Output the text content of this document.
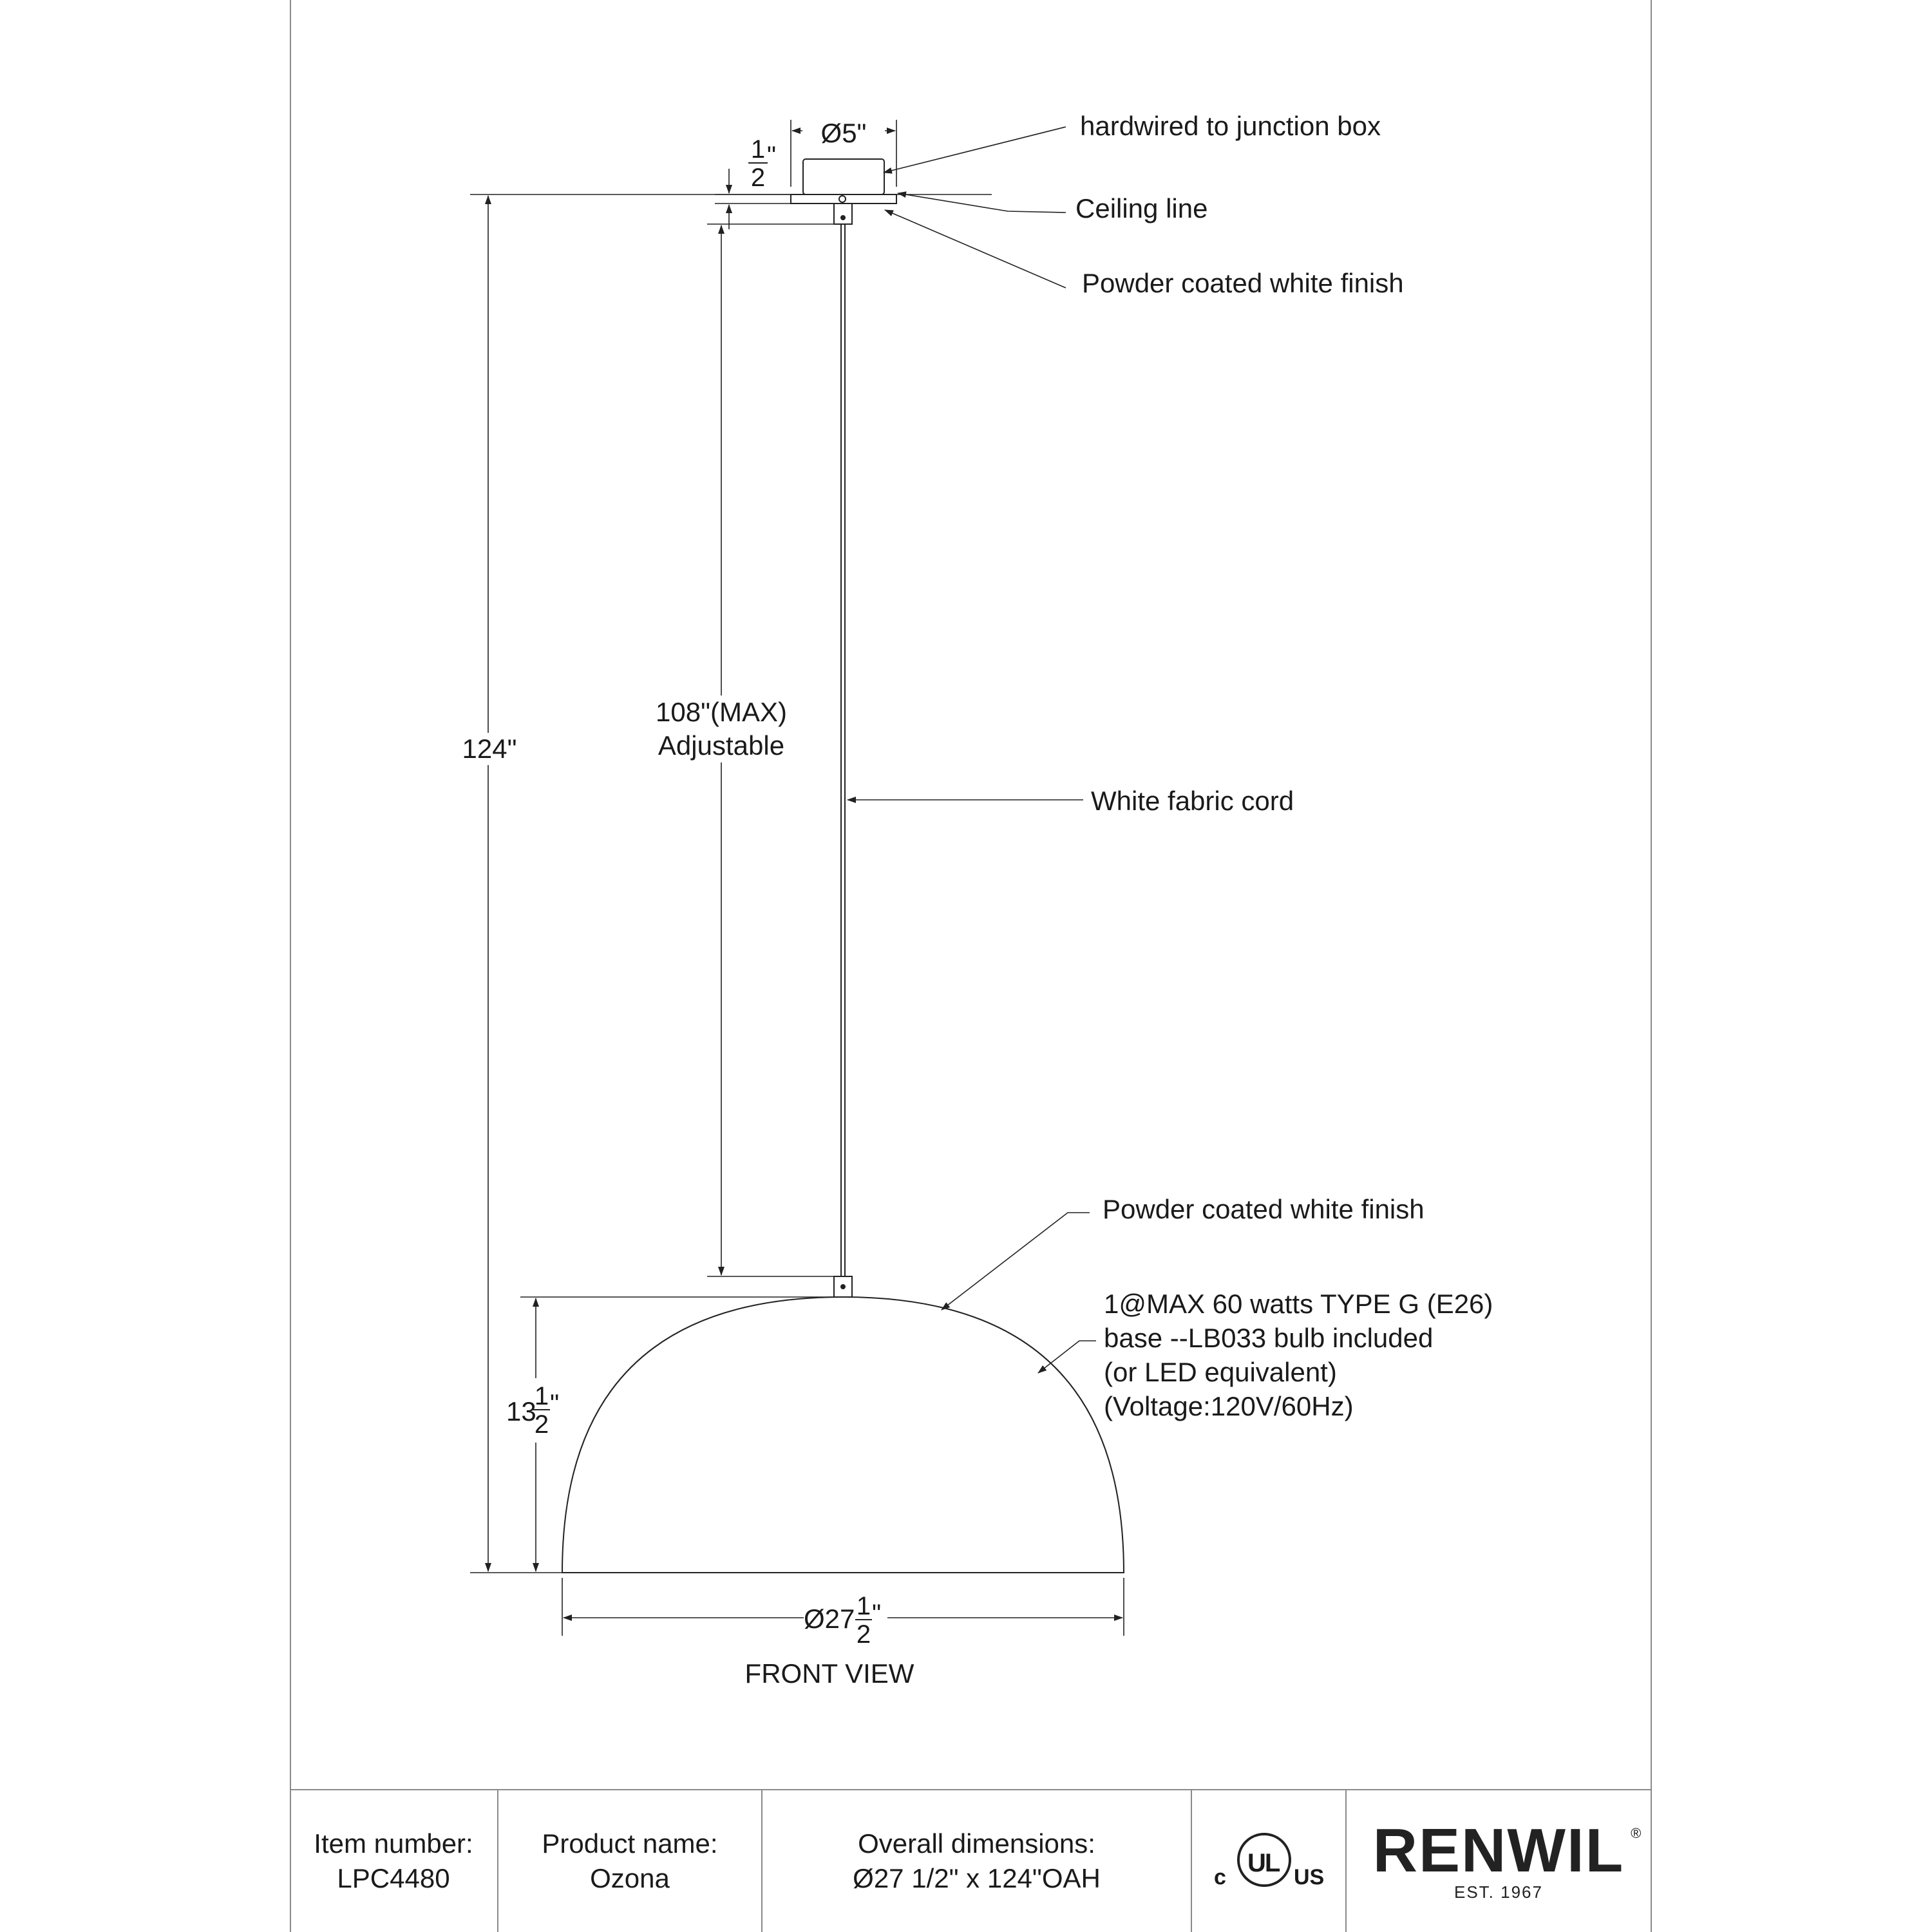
hardwired to junction box
Ceiling line
Powder coated white finish
White fabric cord
Powder coated white finish
1@MAX 60 watts TYPE G (E26)
base --LB033 bulb included
(or LED equivalent)
(Voltage:120V/60Hz)
Ø5"
1
2
"
124"
108"(MAX)
Adjustable
13
1
2
"
Ø27 1
2
"
FRONT VIEW
Item number:
LPC4480
Product name:
Ozona
Overall dimensions:
Ø27 1/2" x 124"OAH	c UL US RENWIL ®
EST. 1967
